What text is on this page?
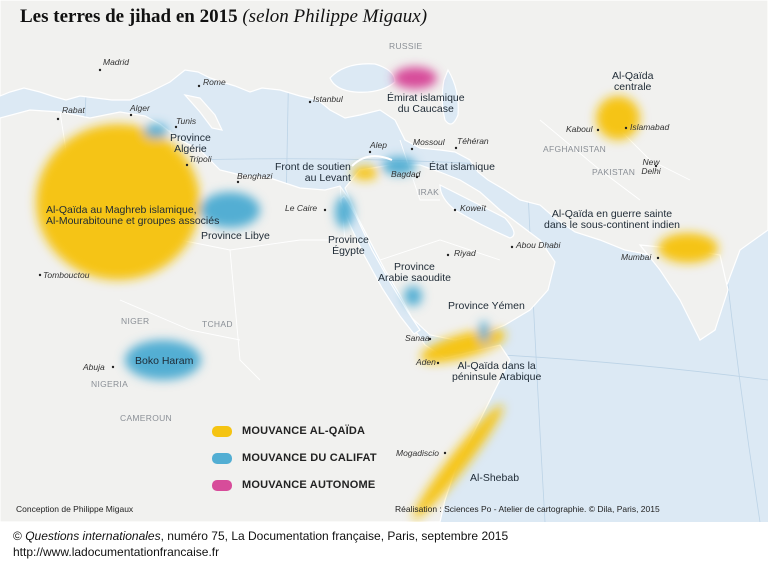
Les terres de jihad en 2015 (selon Philippe Migaux)
RUSSIE
IRAK
AFGHANISTAN
PAKISTAN
NIGER	TCHAD
NIGERIA
CAMEROUN
Madrid
Rome
Istanbul
Rabat	Alger
Tunis
Tripoli
Benghazi
Alep	Mossoul Téhéran
Bagdad
Le Caire	Koweït
Kaboul	Islamabad
New
Delhi
Abou Dhabi
Riyad	Mumbai
Tombouctou
Abuja
Sanaa
Aden
Mogadiscio
Al-Qaïda au Maghreb islamique,
Al-Mourabitoune et groupes associés
Province
Algérie
Province Libye
Boko Haram
Province
Égypte
Front de soutien
au Levant
État islamique
Émirat islamique
du Caucase
Al-Qaïda
centrale
Al-Qaïda en guerre sainte
dans le sous-continent indien
Province
Arabie saoudite
Province Yémen
Al-Qaïda dans la
péninsule Arabique
Al-Shebab
MOUVANCE AL-QAÏDA
MOUVANCE DU CALIFAT
MOUVANCE AUTONOME
Conception de Philippe Migaux	Réalisation : Sciences Po - Atelier de cartographie. © Dila, Paris, 2015
© Questions internationales, numéro 75, La Documentation française, Paris, septembre 2015
http://www.ladocumentationfrancaise.fr
